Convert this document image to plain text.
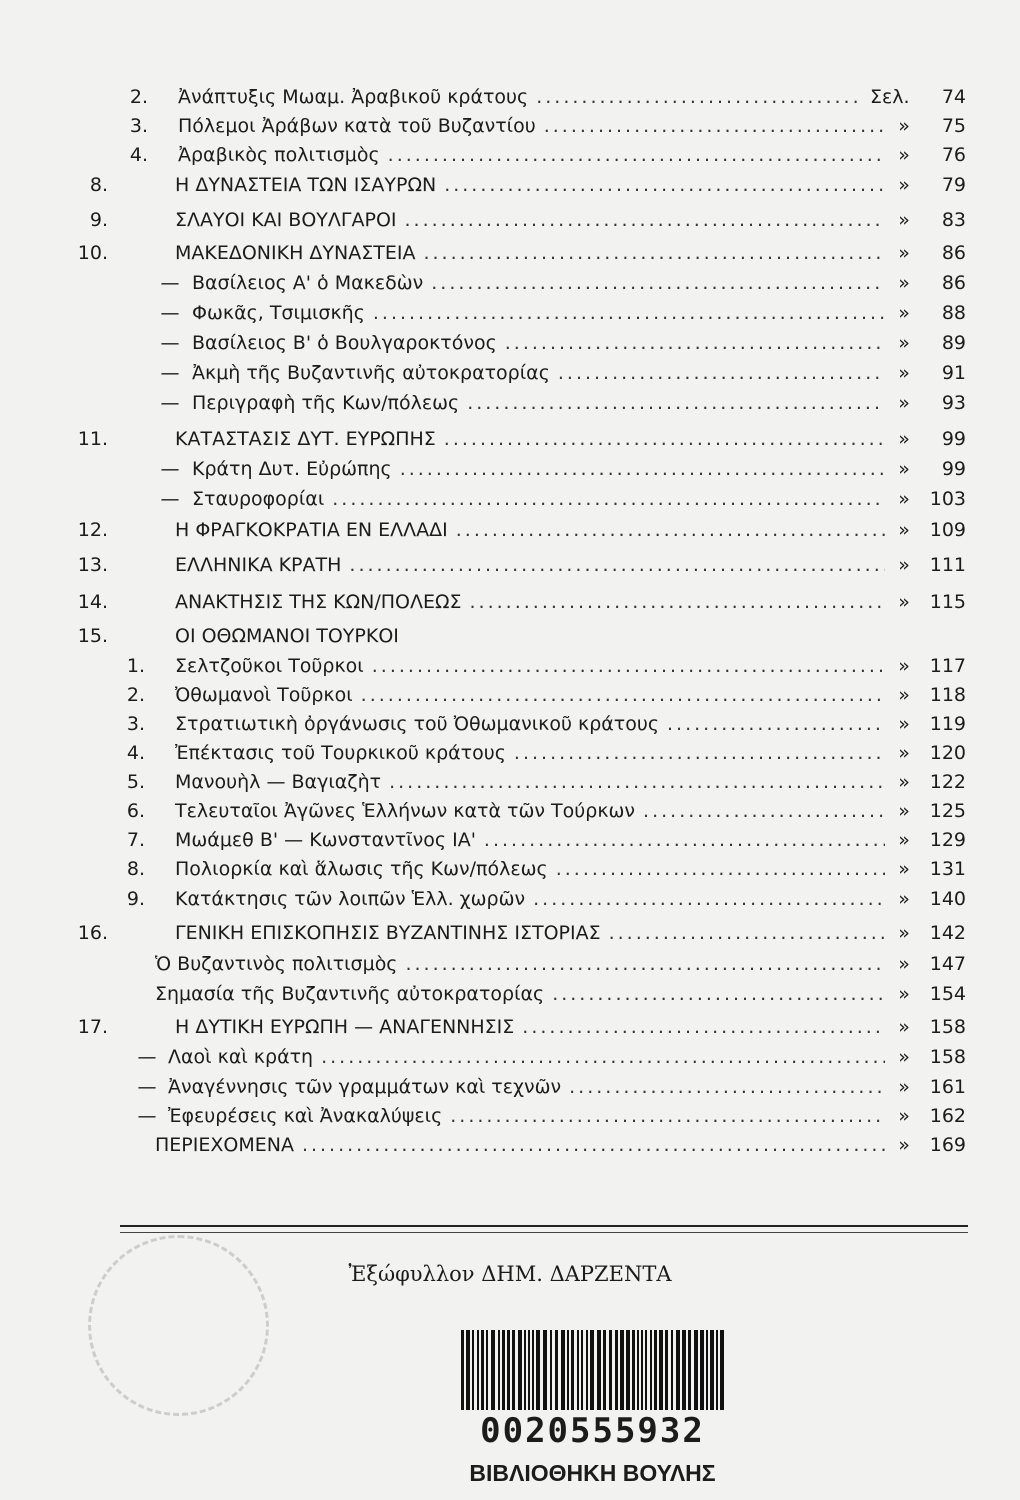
2. Ἀνάπτυξις Μωαμ. Ἀραβικοῦ κράτους .....	Σελ.	74
3. Πόλεμοι Ἀράβων κατὰ τοῦ Βυζαντίου .....	»	75
4. Ἀραβικὸς πολιτισμὸς .....	»	76
8.	Η ΔΥΝΑΣΤΕΙΑ ΤΩΝ ΙΣΑΥΡΩΝ .....	»	79
9.	ΣΛΑΥΟΙ ΚΑΙ ΒΟΥΛΓΑΡΟΙ .....	»	83
10.	ΜΑΚΕΔΟΝΙΚΗ ΔΥΝΑΣΤΕΙΑ .....	»	86
— Βασίλειος Α' ὁ Μακεδὼν .....	»	86
— Φωκᾶς, Τσιμισκῆς .....	»	88
— Βασίλειος Β' ὁ Βουλγαροκτόνος .....	»	89
— Ἀκμὴ τῆς Βυζαντινῆς αὐτοκρατορίας .....	»	91
— Περιγραφὴ τῆς Κων/πόλεως .....	»	93
11.	ΚΑΤΑΣΤΑΣΙΣ ΔΥΤ. ΕΥΡΩΠΗΣ .....	»	99
— Κράτη Δυτ. Εὐρώπης .....	»	99
— Σταυροφορίαι .....	»	103
12.	Η ΦΡΑΓΚΟΚΡΑΤΙΑ ΕΝ ΕΛΛΑΔΙ .....	»	109
13.	ΕΛΛΗΝΙΚΑ ΚΡΑΤΗ .....	»	111
14.	ΑΝΑΚΤΗΣΙΣ ΤΗΣ ΚΩΝ/ΠΟΛΕΩΣ .....	»	115
15.	ΟΙ ΟΘΩΜΑΝΟΙ ΤΟΥΡΚΟΙ
1. Σελτζοῦκοι Τοῦρκοι .....	»	117
2. Ὀθωμανοὶ Τοῦρκοι .....	»	118
3. Στρατιωτικὴ ὀργάνωσις τοῦ Ὀθωμανικοῦ κράτους .....	»	119
4. Ἐπέκτασις τοῦ Τουρκικοῦ κράτους .....	»	120
5. Μανουὴλ — Βαγιαζὴτ .....	»	122
6. Τελευταῖοι Ἀγῶνες Ἑλλήνων κατὰ τῶν Τούρκων .....	»	125
7. Μωάμεθ Β' — Κωνσταντῖνος ΙΑ' .....	»	129
8. Πολιορκία καὶ ἅλωσις τῆς Κων/πόλεως .....	»	131
9. Κατάκτησις τῶν λοιπῶν Ἑλλ. χωρῶν .....	»	140
16.	ΓΕΝΙΚΗ ΕΠΙΣΚΟΠΗΣΙΣ ΒΥΖΑΝΤΙΝΗΣ ΙΣΤΟΡΙΑΣ .....	»	142
Ὁ Βυζαντινὸς πολιτισμὸς .....	»	147
Σημασία τῆς Βυζαντινῆς αὐτοκρατορίας .....	»	154
17.	Η ΔΥΤΙΚΗ ΕΥΡΩΠΗ — ΑΝΑΓΕΝΝΗΣΙΣ .....	»	158
— Λαοὶ καὶ κράτη .....	»	158
— Ἀναγέννησις τῶν γραμμάτων καὶ τεχνῶν .....	»	161
— Ἐφευρέσεις καὶ Ἀνακαλύψεις .....	»	162
ΠΕΡΙΕΧΟΜΕΝΑ .....	»	169
Ἐξώφυλλον ΔΗΜ. ΔΑΡΖΕΝΤΑ
0020555932
ΒΙΒΛΙΟΘΗΚΗ ΒΟΥΛΗΣ
